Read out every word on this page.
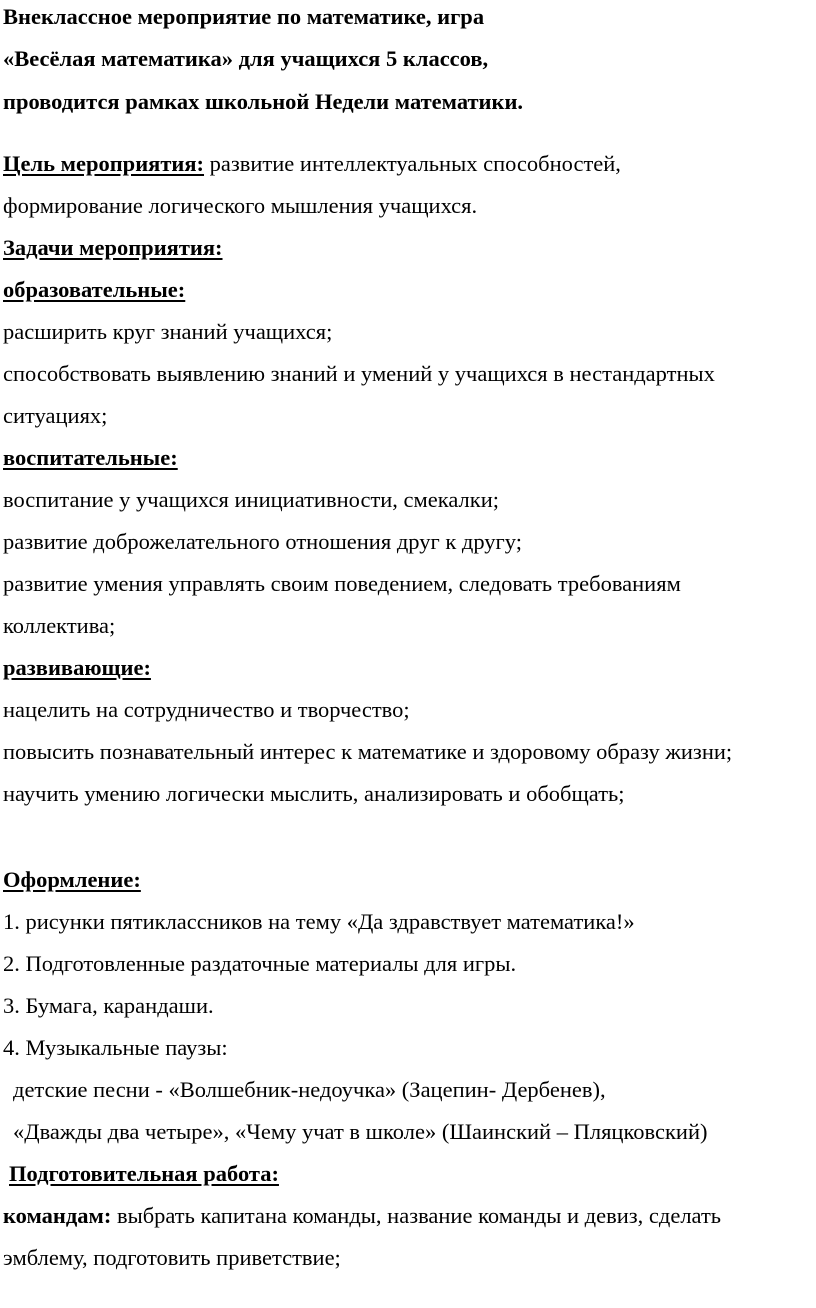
Внеклассное мероприятие по математике, игра
«Весёлая математика» для учащихся 5 классов,
проводится рамках школьной Недели математики.
Цель мероприятия: развитие интеллектуальных способностей,
формирование логического мышления учащихся.
Задачи мероприятия:
образовательные:
расширить круг знаний учащихся;
способствовать выявлению знаний и умений у учащихся в нестандартных
ситуациях;
воспитательные:
воспитание у учащихся инициативности, смекалки;
развитие доброжелательного отношения друг к другу;
развитие умения управлять своим поведением, следовать требованиям
коллектива;
развивающие:
нацелить на сотрудничество и творчество;
повысить познавательный интерес к математике и здоровому образу жизни;
научить умению логически мыслить, анализировать и обобщать;
Оформление:
1. рисунки пятиклассников на тему «Да здравствует математика!»
2. Подготовленные раздаточные материалы для игры.
3. Бумага, карандаши.
4. Музыкальные паузы:
детские песни - «Волшебник-недоучка» (Зацепин- Дербенев),
«Дважды два четыре», «Чему учат в школе» (Шаинский – Пляцковский)
Подготовительная работа:
командам: выбрать капитана команды, название команды и девиз, сделать
эмблему, подготовить приветствие;
